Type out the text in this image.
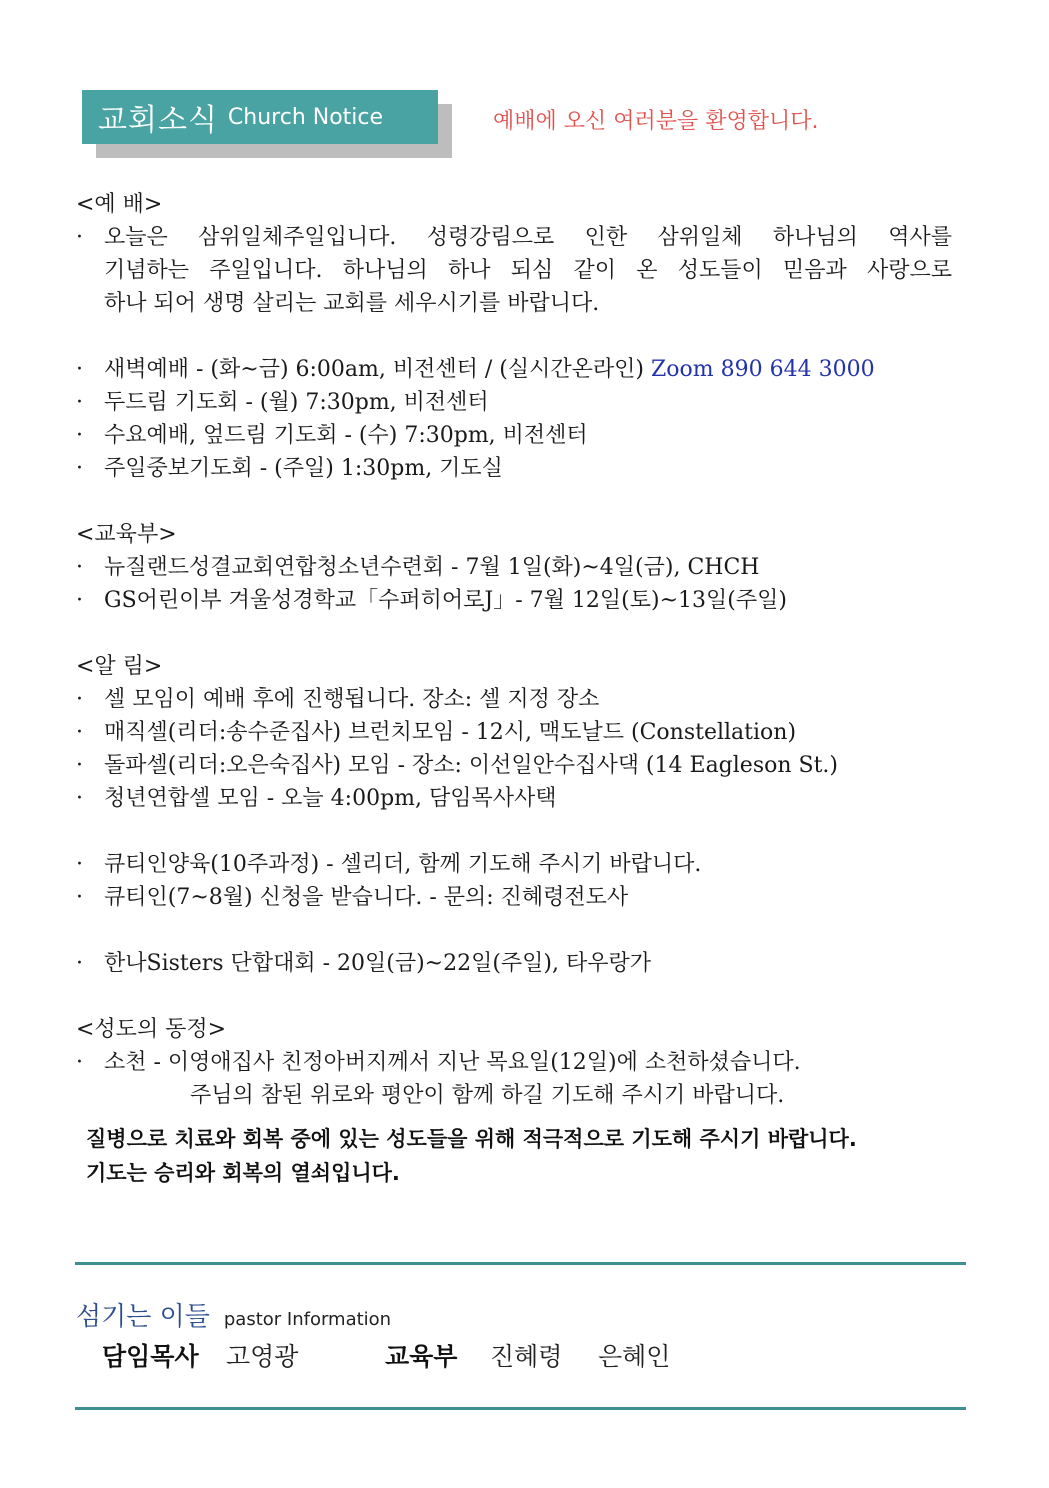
교회소식 Church Notice	예배에 오신 여러분을 환영합니다.
<예 배>
· 오늘은 삼위일체주일입니다. 성령강림으로 인한 삼위일체 하나님의 역사를
기념하는 주일입니다. 하나님의 하나 되심 같이 온 성도들이 믿음과 사랑으로
하나 되어 생명 살리는 교회를 세우시기를 바랍니다.
· 새벽예배 - (화~금) 6:00am, 비전센터 / (실시간온라인) Zoom 890 644 3000
· 두드림 기도회 - (월) 7:30pm, 비전센터
· 수요예배, 엎드림 기도회 - (수) 7:30pm, 비전센터
· 주일중보기도회 - (주일) 1:30pm, 기도실
<교육부>
· 뉴질랜드성결교회연합청소년수련회 - 7월 1일(화)~4일(금), CHCH
· GS어린이부 겨울성경학교「수퍼히어로J」- 7월 12일(토)~13일(주일)
<알 림>
· 셀 모임이 예배 후에 진행됩니다. 장소: 셀 지정 장소
· 매직셀(리더:송수준집사) 브런치모임 - 12시, 맥도날드 (Constellation)
· 돌파셀(리더:오은숙집사) 모임 - 장소: 이선일안수집사댁 (14 Eagleson St.)
· 청년연합셀 모임 - 오늘 4:00pm, 담임목사사택
· 큐티인양육(10주과정) - 셀리더, 함께 기도해 주시기 바랍니다.
· 큐티인(7~8월) 신청을 받습니다. - 문의: 진혜령전도사
· 한나Sisters 단합대회 - 20일(금)~22일(주일), 타우랑가
<성도의 동정>
· 소천 - 이영애집사 친정아버지께서 지난 목요일(12일)에 소천하셨습니다.
주님의 참된 위로와 평안이 함께 하길 기도해 주시기 바랍니다.
질병으로 치료와 회복 중에 있는 성도들을 위해 적극적으로 기도해 주시기 바랍니다.
기도는 승리와 회복의 열쇠입니다.
섬기는 이들 pastor Information
담임목사 고영광	교육부 진혜령 은혜인
